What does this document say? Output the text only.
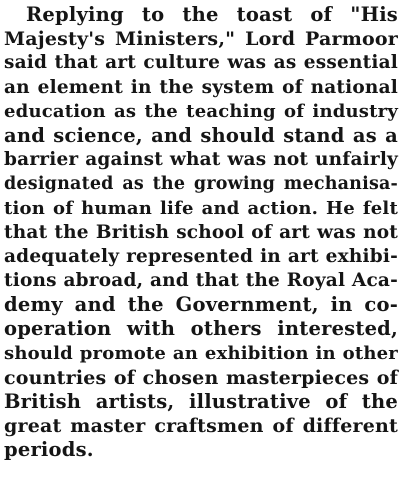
Replying to the toast of "His
Majesty's Ministers," Lord Parmoor
said that art culture was as essential
an element in the system of national
education as the teaching of industry
and science, and should stand as a
barrier against what was not unfairly
designated as the growing mechanisa-
tion of human life and action. He felt
that the British school of art was not
adequately represented in art exhibi-
tions abroad, and that the Royal Aca-
demy and the Government, in co-
operation with others interested,
should promote an exhibition in other
countries of chosen masterpieces of
British artists, illustrative of the
great master craftsmen of different
periods.
